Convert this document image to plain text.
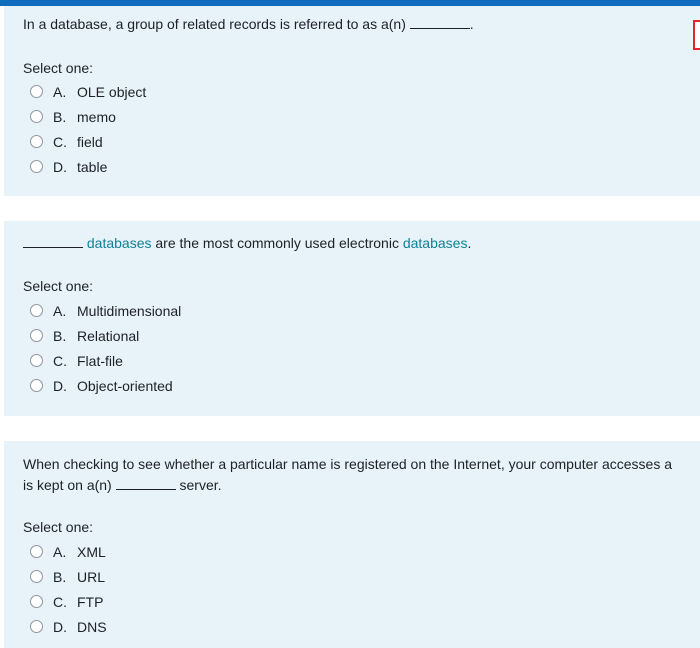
In a database, a group of related records is referred to as a(n)	.
Select one:
A. OLE object
B. memo
C. field
D. table
databases are the most commonly used electronic databases.
Select one:
A. Multidimensional
B. Relational
C. Flat-file
D. Object-oriented
When checking to see whether a particular name is registered on the Internet, your computer accesses a
is kept on a(n)	server.
Select one:
A. XML
B. URL
C. FTP
D. DNS
